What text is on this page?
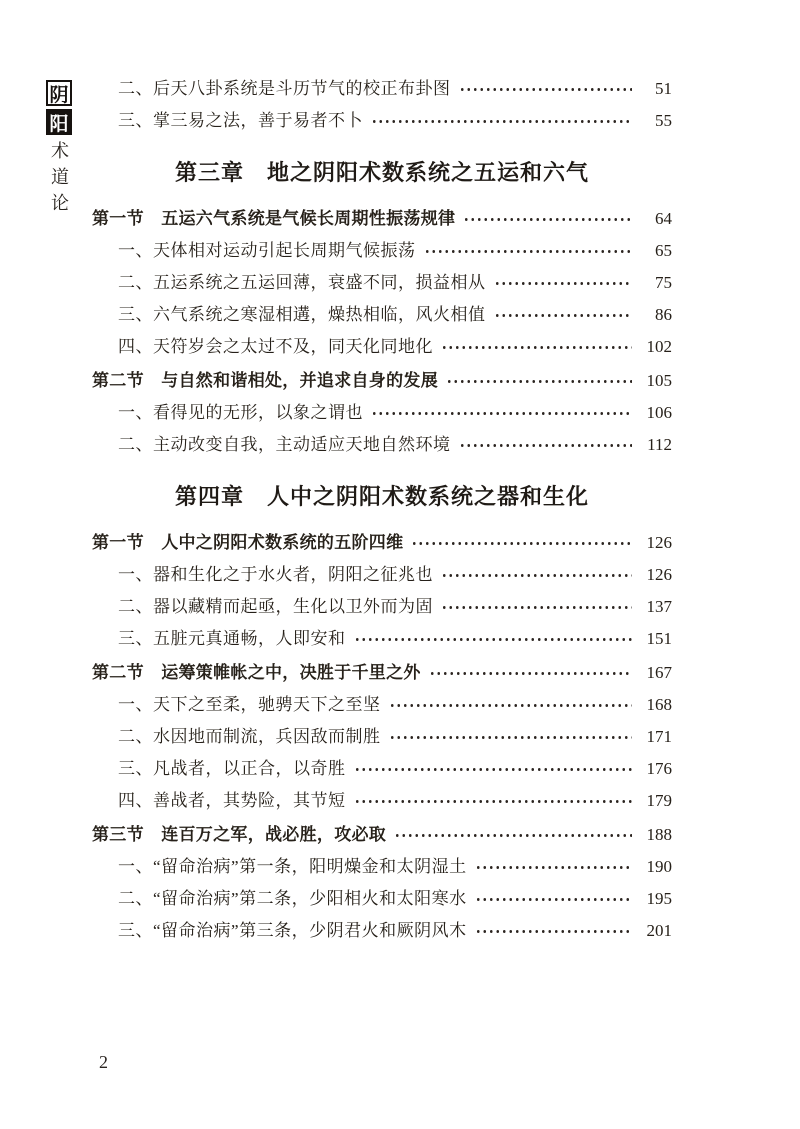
阴
阳
术
道
论
二、后天八卦系统是斗历节气的校正布卦图	51
三、掌三易之法，善于易者不卜	55
第三章　地之阴阳术数系统之五运和六气
第一节　五运六气系统是气候长周期性振荡规律	64
一、天体相对运动引起长周期气候振荡	65
二、五运系统之五运回薄，衰盛不同，损益相从	75
三、六气系统之寒湿相遘，燥热相临，风火相值	86
四、天符岁会之太过不及，同天化同地化	102
第二节　与自然和谐相处，并追求自身的发展	105
一、看得见的无形，以象之谓也	106
二、主动改变自我，主动适应天地自然环境	112
第四章　人中之阴阳术数系统之器和生化
第一节　人中之阴阳术数系统的五阶四维	126
一、器和生化之于水火者，阴阳之征兆也	126
二、器以藏精而起亟，生化以卫外而为固	137
三、五脏元真通畅，人即安和	151
第二节　运筹策帷帐之中，决胜于千里之外	167
一、天下之至柔，驰骋天下之至坚	168
二、水因地而制流，兵因敌而制胜	171
三、凡战者，以正合，以奇胜	176
四、善战者，其势险，其节短	179
第三节　连百万之军，战必胜，攻必取	188
一、“留命治病”第一条，阳明燥金和太阴湿土	190
二、“留命治病”第二条，少阳相火和太阳寒水	195
三、“留命治病”第三条，少阴君火和厥阴风木	201
2
